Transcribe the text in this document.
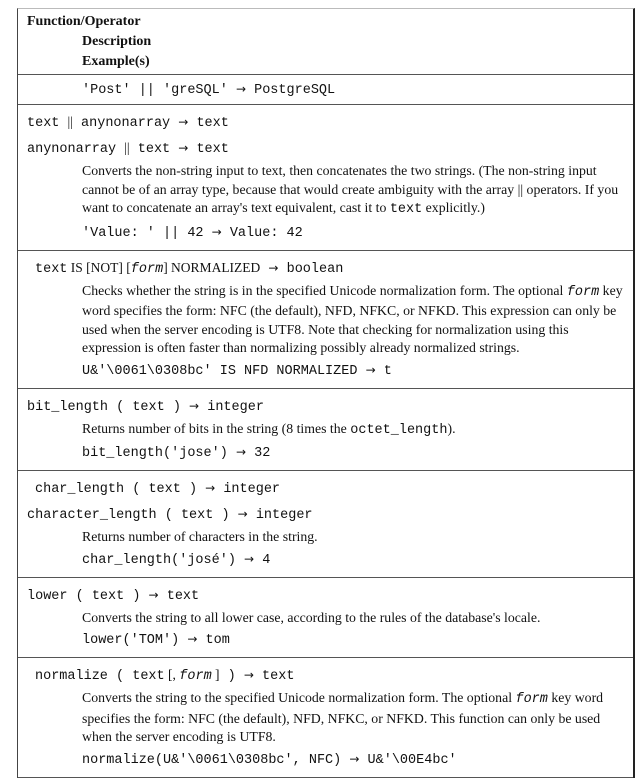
Function/Operator
Description
Example(s)
'Post' || 'greSQL' → PostgreSQL
text || anynonarray → text
anynonarray || text → text
Converts the non-string input to text, then concatenates the two strings. (The non-string input cannot be of an array type, because that would create ambiguity with the array || operators. If you want to concatenate an array's text equivalent, cast it to text explicitly.)
'Value: ' || 42 → Value: 42
text IS [NOT] [form] NORMALIZED → boolean
Checks whether the string is in the specified Unicode normalization form. The optional form key word specifies the form: NFC (the default), NFD, NFKC, or NFKD. This expression can only be used when the server encoding is UTF8. Note that checking for normalization using this expression is often faster than normalizing possibly already normalized strings.
U&'\0061\0308bc' IS NFD NORMALIZED → t
bit_length ( text ) → integer
Returns number of bits in the string (8 times the octet_length).
bit_length('jose') → 32
char_length ( text ) → integer
character_length ( text ) → integer
Returns number of characters in the string.
char_length('josé') → 4
lower ( text ) → text
Converts the string to all lower case, according to the rules of the database's locale.
lower('TOM') → tom
normalize ( text [, form ] ) → text
Converts the string to the specified Unicode normalization form. The optional form key word specifies the form: NFC (the default), NFD, NFKC, or NFKD. This function can only be used when the server encoding is UTF8.
normalize(U&'\0061\0308bc', NFC) → U&'\00E4bc'
